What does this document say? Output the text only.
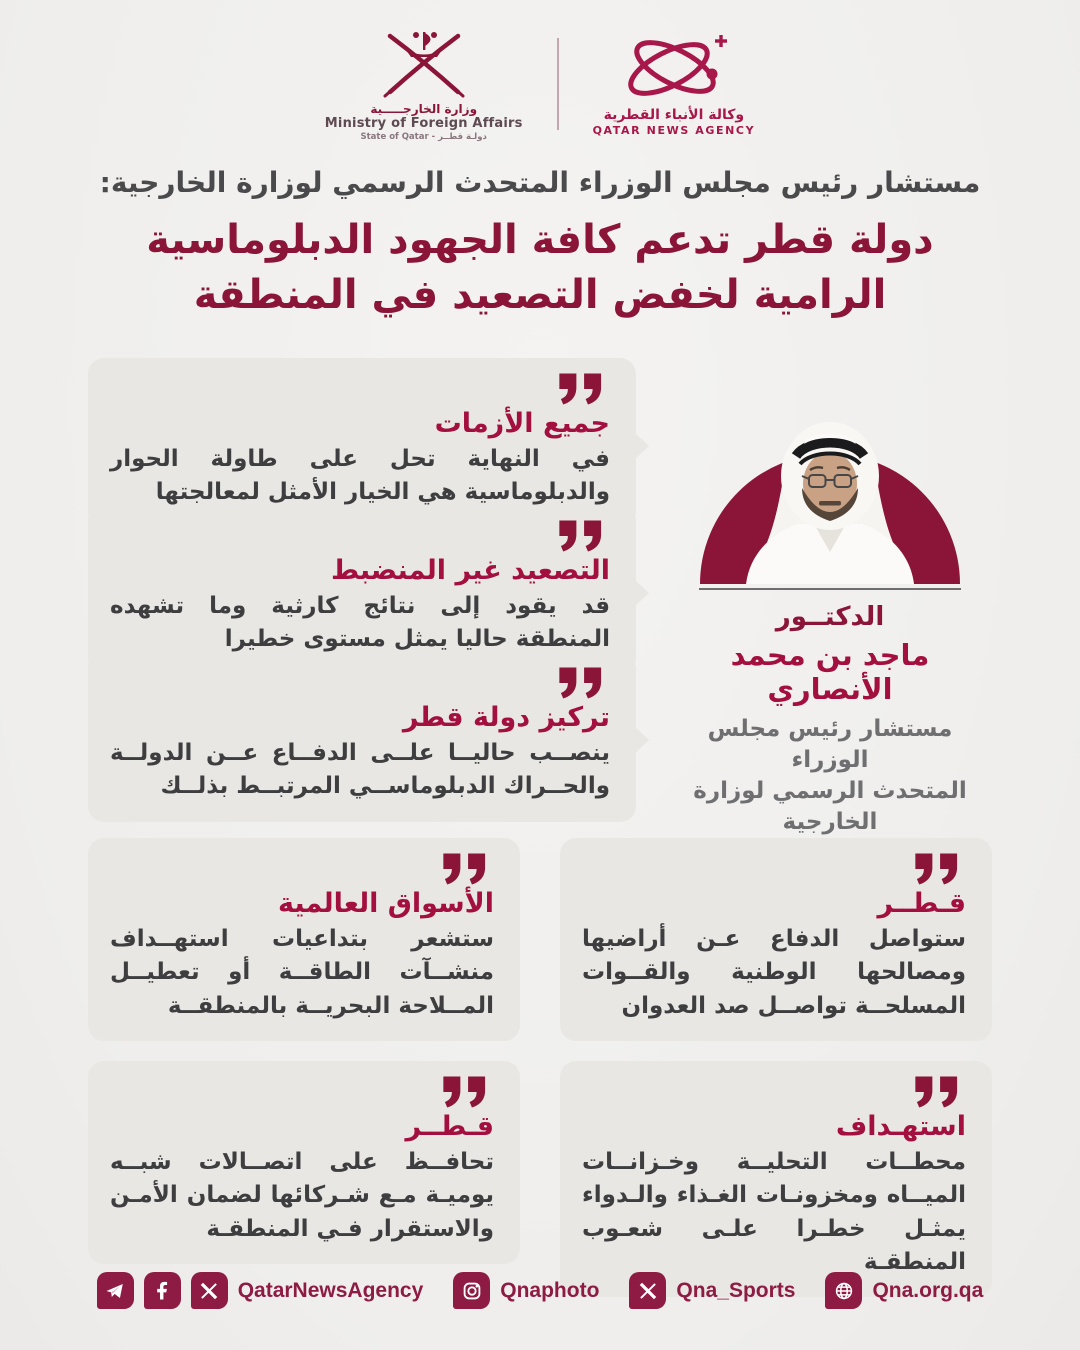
وزارة الخارجـــــية
Ministry of Foreign Affairs
State of Qatar - دولـة قطــر
وكالة الأنباء القطرية
QATAR NEWS AGENCY
مستشار رئيس مجلس الوزراء المتحدث الرسمي لوزارة الخارجية:
دولة قطر تدعم كافة الجهود الدبلوماسية
الرامية لخفض التصعيد في المنطقة
جميع الأزمات

في النهاية تحل على طاولة الحوار والدبلوماسية هي الخيار الأمثل لمعالجتها

التصعيد غير المنضبط

قد يقود إلى نتائج كارثية وما تشهده المنطقة حاليا يمثل مستوى خطيرا

تركيز دولة قطر

ينصــب حاليــا علــى الدفــاع عــن الدولــة والحــراك الدبلوماســي المرتبــط بذلــك

الدكتــور
ماجد بن محمد الأنصاري
مستشار رئيس مجلس الوزراء
المتحدث الرسمي لوزارة الخارجية
قـطــر

ستواصل الدفاع عـن أراضيها ومصالحها الوطنية والقــوات المسلحــة تواصــل صد العدوان

الأسواق العالمية

ستشعر بتداعيات استهــداف منشــآت الطاقــة أو تعطيــل المــلاحة البحريــة بالمنطقــة

استهـداف

محطــات التحليــة وخـزانــات الميــاه ومخزونـات الغـذاء والـدواء يمثـل خطـرا علـى شعـوب المنطقـة

قـطــر

تحافــظ على اتصــالات شبــه يوميـة مـع شـركائها لضمان الأمـن والاستقرار فـي المنطقـة

QatarNewsAgency	Qnaphoto	Qna_Sports	Qna.org.qa
